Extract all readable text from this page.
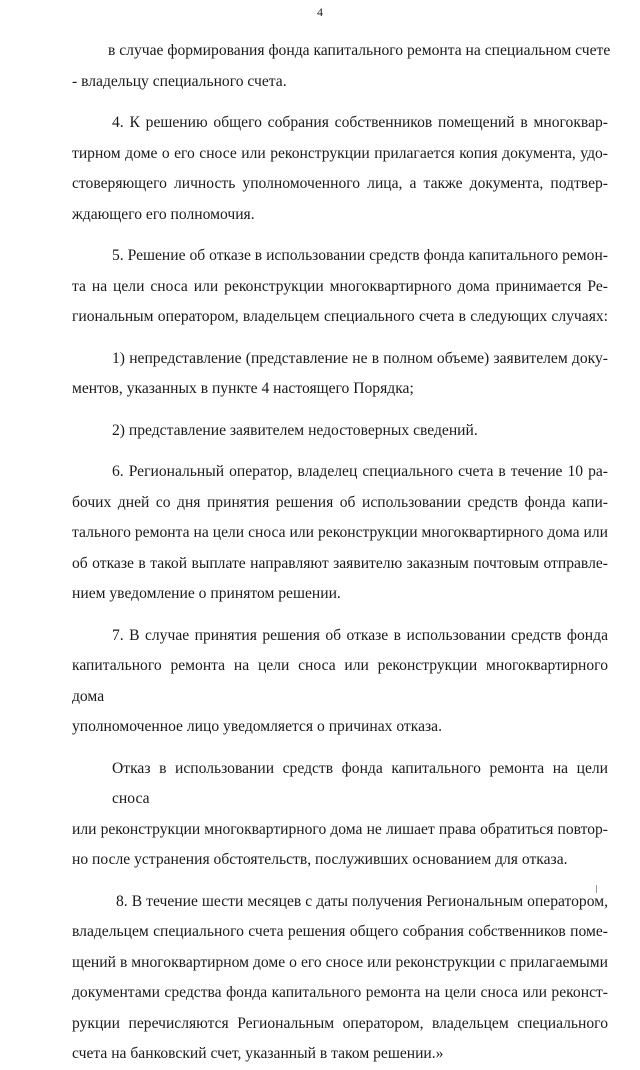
4
в случае формирования фонда капитального ремонта на специальном счете
- владельцу специального счета.
4. К решению общего собрания собственников помещений в многоквар-
тирном доме о его сносе или реконструкции прилагается копия документа, удо-
стоверяющего личность уполномоченного лица, а также документа, подтвер-
ждающего его полномочия.
5. Решение об отказе в использовании средств фонда капитального ремон-
та на цели сноса или реконструкции многоквартирного дома принимается Ре-
гиональным оператором, владельцем специального счета в следующих случаях:
1) непредставление (представление не в полном объеме) заявителем доку-
ментов, указанных в пункте 4 настоящего Порядка;
2) представление заявителем недостоверных сведений.
6. Региональный оператор, владелец специального счета в течение 10 ра-
бочих дней со дня принятия решения об использовании средств фонда капи-
тального ремонта на цели сноса или реконструкции многоквартирного дома или
об отказе в такой выплате направляют заявителю заказным почтовым отправле-
нием уведомление о принятом решении.
7. В случае принятия решения об отказе в использовании средств фонда
капитального ремонта на цели сноса или реконструкции многоквартирного дома
уполномоченное лицо уведомляется о причинах отказа.
Отказ в использовании средств фонда капитального ремонта на цели сноса
или реконструкции многоквартирного дома не лишает права обратиться повтор-
но после устранения обстоятельств, послуживших основанием для отказа.
8. В течение шести месяцев с даты получения Региональным оператором,
владельцем специального счета решения общего собрания собственников поме-
щений в многоквартирном доме о его сносе или реконструкции с прилагаемыми
документами средства фонда капитального ремонта на цели сноса или реконст-
рукции перечисляются Региональным оператором, владельцем специального
счета на банковский счет, указанный в таком решении.»
